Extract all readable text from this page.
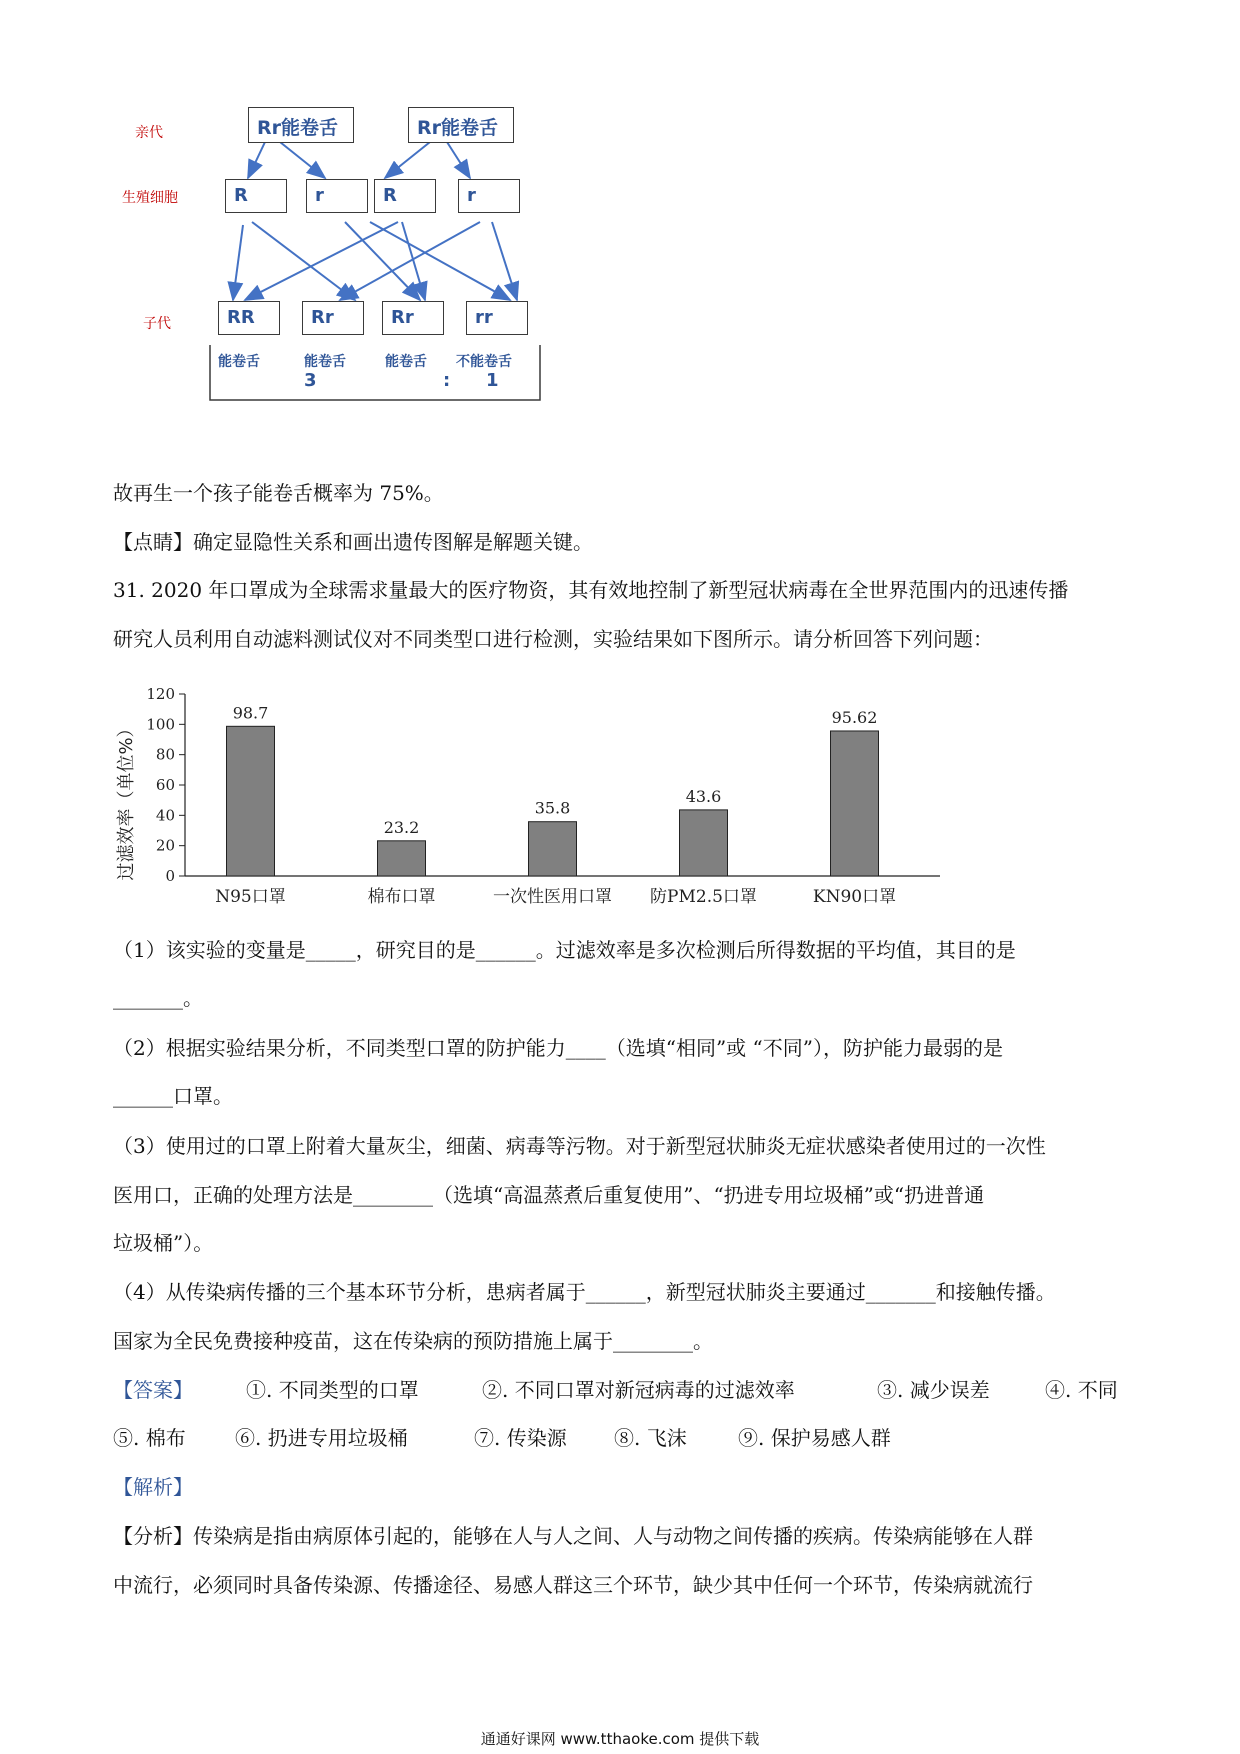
亲代
生殖细胞
子代
Rr能卷舌	Rr能卷舌
R	r	R	r
RR	Rr	Rr	rr
能卷舌	能卷舌	能卷舌 不能卷舌
3	: 1
故再生一个孩子能卷舌概率为 75%。
【点睛】确定显隐性关系和画出遗传图解是解题关键。
31. 2020 年口罩成为全球需求量最大的医疗物资，其有效地控制了新型冠状病毒在全世界范围内的迅速传播
研究人员利用自动滤料测试仪对不同类型口进行检测，实验结果如下图所示。请分析回答下列问题：
0
20
40
60
80
100
120
98.7
23.2
35.8
43.6
95.62
N95口罩	棉布口罩	一次性医用口罩 防PM2.5口罩	KN90口罩
过滤效率（单位%）
（1）该实验的变量是_____，研究目的是______。过滤效率是多次检测后所得数据的平均值，其目的是
_______。
（2）根据实验结果分析，不同类型口罩的防护能力____（选填“相同”或 “不同”），防护能力最弱的是
______口罩。
（3）使用过的口罩上附着大量灰尘，细菌、病毒等污物。对于新型冠状肺炎无症状感染者使用过的一次性
医用口，正确的处理方法是________（选填“高温蒸煮后重复使用”、“扔进专用垃圾桶”或“扔进普通
垃圾桶”）。
（4）从传染病传播的三个基本环节分析，患病者属于______，新型冠状肺炎主要通过_______和接触传播。
国家为全民免费接种疫苗，这在传染病的预防措施上属于________。
【答案】	①. 不同类型的口罩	②. 不同口罩对新冠病毒的过滤效率	③. 减少误差	④. 不同
⑤. 棉布 ⑥. 扔进专用垃圾桶	⑦. 传染源 ⑧. 飞沫	⑨. 保护易感人群
【解析】
【分析】传染病是指由病原体引起的，能够在人与人之间、人与动物之间传播的疾病。传染病能够在人群
中流行，必须同时具备传染源、传播途径、易感人群这三个环节，缺少其中任何一个环节，传染病就流行
通通好课网 www.tthaoke.com 提供下载
